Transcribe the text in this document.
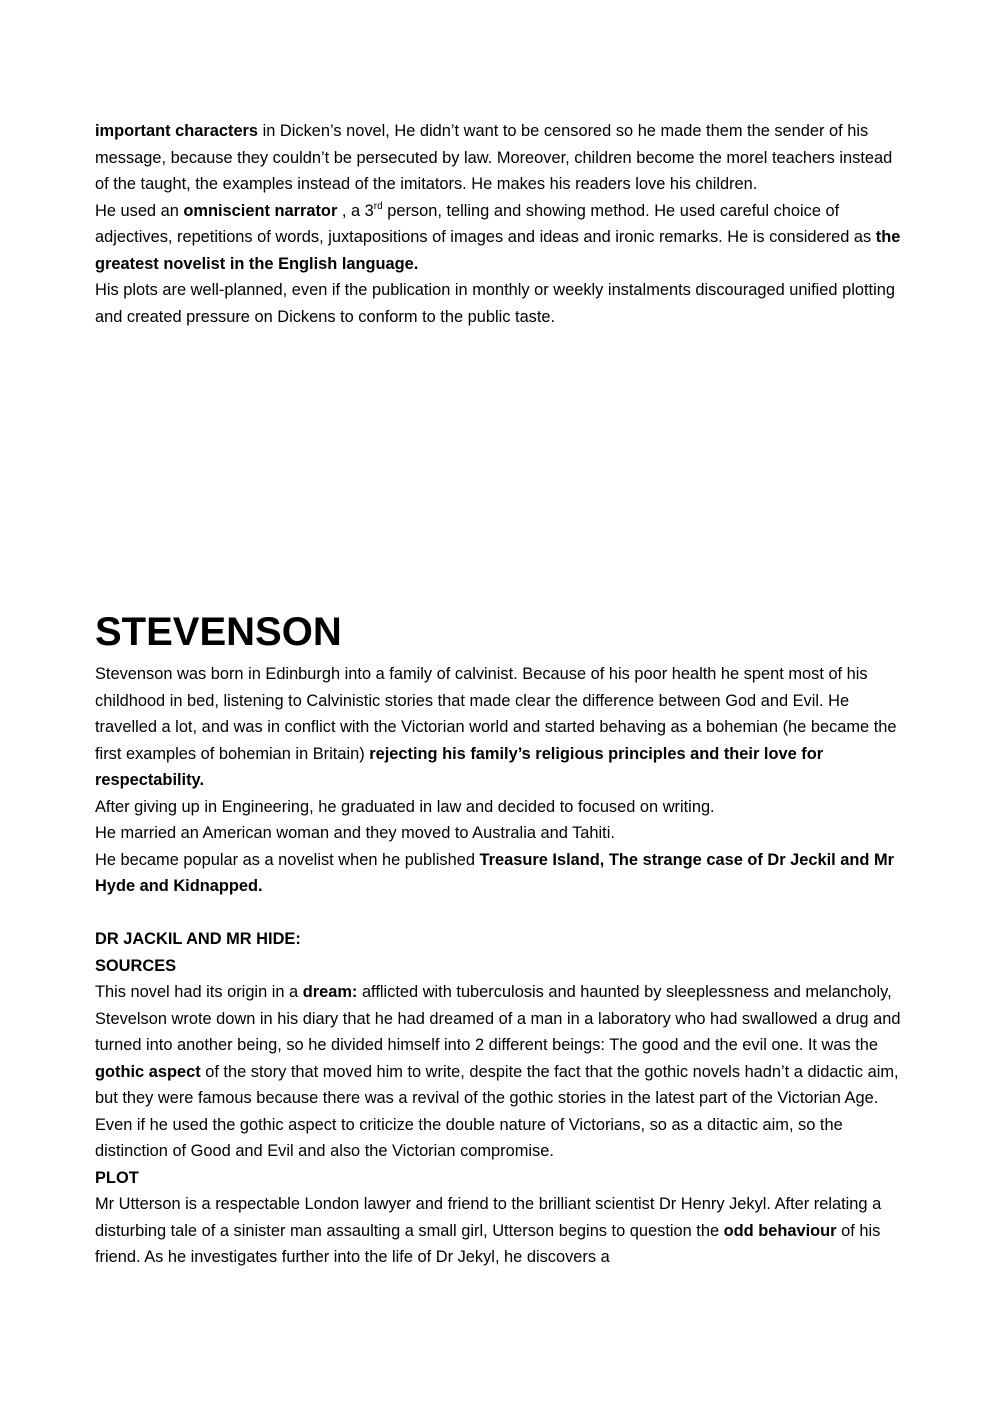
important characters in Dicken’s novel, He didn’t want to be censored so he made them the sender of his message, because they couldn’t be persecuted by law. Moreover, children become the morel teachers instead of the taught, the examples instead of the imitators. He makes his readers love his children.

He used an omniscient narrator , a 3rd person, telling and showing method. He used careful choice of adjectives, repetitions of words, juxtapositions of images and ideas and ironic remarks. He is considered as the greatest novelist in the English language.

His plots are well-planned, even if the publication in monthly or weekly instalments discouraged unified plotting and created pressure on Dickens to conform to the public taste.

STEVENSON

Stevenson was born in Edinburgh into a family of calvinist. Because of his poor health he spent most of his childhood in bed, listening to Calvinistic stories that made clear the difference between God and Evil. He travelled a lot, and was in conflict with the Victorian world and started behaving as a bohemian (he became the first examples of bohemian in Britain) rejecting his family’s religious principles and their love for respectability.

After giving up in Engineering, he graduated in law and decided to focused on writing.

He married an American woman and they moved to Australia and Tahiti.

He became popular as a novelist when he published Treasure Island, The strange case of Dr Jeckil and Mr Hyde and Kidnapped.

DR JACKIL AND MR HIDE:

SOURCES

This novel had its origin in a dream: afflicted with tuberculosis and haunted by sleeplessness and melancholy, Stevelson wrote down in his diary that he had dreamed of a man in a laboratory who had swallowed a drug and turned into another being, so he divided himself into 2 different beings: The good and the evil one. It was the gothic aspect of the story that moved him to write, despite the fact that the gothic novels hadn’t a didactic aim, but they were famous because there was a revival of the gothic stories in the latest part of the Victorian Age.

Even if he used the gothic aspect to criticize the double nature of Victorians, so as a ditactic aim, so the distinction of Good and Evil and also the Victorian compromise.

PLOT

Mr Utterson is a respectable London lawyer and friend to the brilliant scientist Dr Henry Jekyl. After relating a disturbing tale of a sinister man assaulting a small girl, Utterson begins to question the odd behaviour of his friend. As he investigates further into the life of Dr Jekyl, he discovers a
